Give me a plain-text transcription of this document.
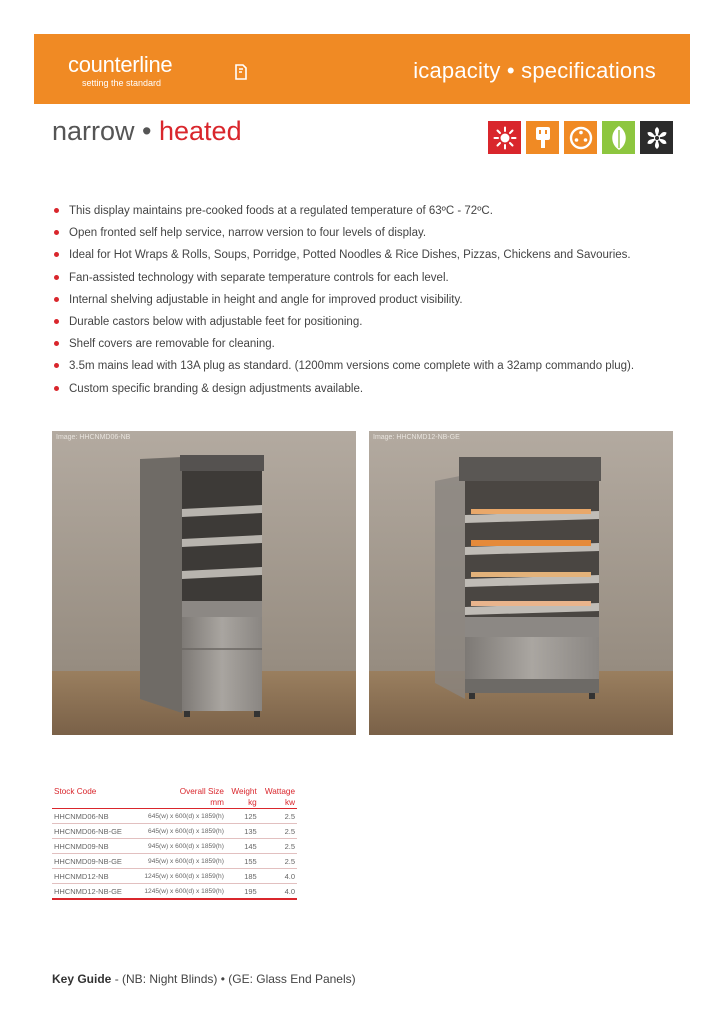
counterline
setting the standard	icapacity • specifications
narrow • heated
This display maintains pre-cooked foods at a regulated temperature of 63ºC - 72ºC.
Open fronted self help service, narrow version to four levels of display.
Ideal for Hot Wraps & Rolls, Soups, Porridge, Potted Noodles & Rice Dishes, Pizzas, Chickens and Savouries.
Fan-assisted technology with separate temperature controls for each level.
Internal shelving adjustable in height and angle for improved product visibility.
Durable castors below with adjustable feet for positioning.
Shelf covers are removable for cleaning.
3.5m mains lead with 13A plug as standard. (1200mm versions come complete with a 32amp commando plug).
Custom specific branding & design adjustments available.
Image: HHCNMD06-NB	Image: HHCNMD12-NB-GE
Stock Code	Overall Size	Weight	Wattage
	mm	kg	kw
HHCNMD06-NB	645(w) x 600(d) x 1859(h)	125	2.5
HHCNMD06-NB-GE	645(w) x 600(d) x 1859(h)	135	2.5
HHCNMD09-NB	945(w) x 600(d) x 1859(h)	145	2.5
HHCNMD09-NB-GE	945(w) x 600(d) x 1859(h)	155	2.5
HHCNMD12-NB	1245(w) x 600(d) x 1859(h)	185	4.0
HHCNMD12-NB-GE	1245(w) x 600(d) x 1859(h)	195	4.0
Key Guide - (NB: Night Blinds) • (GE: Glass End Panels)
